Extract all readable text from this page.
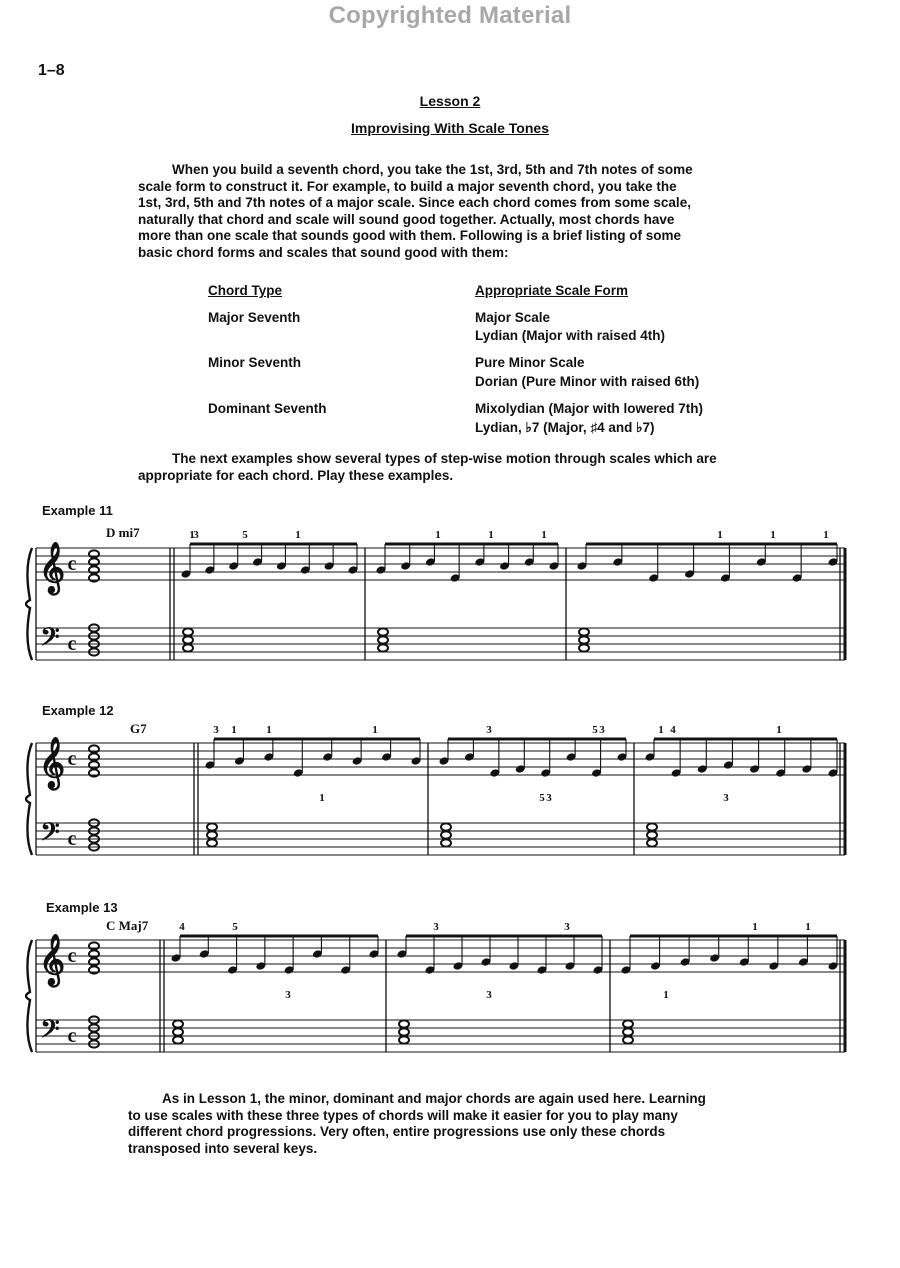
Copyrighted Material
1–8
Lesson 2
Improvising With Scale Tones
When you build a seventh chord, you take the 1st, 3rd, 5th and 7th notes of some
scale form to construct it. For example, to build a major seventh chord, you take the
1st, 3rd, 5th and 7th notes of a major scale. Since each chord comes from some scale,
naturally that chord and scale will sound good together. Actually, most chords have
more than one scale that sounds good with them. Following is a brief listing of some
basic chord forms and scales that sound good with them:
Chord Type	Appropriate Scale Form
Major Seventh	Major Scale
Lydian (Major with raised 4th)
Minor Seventh	Pure Minor Scale
Dorian (Pure Minor with raised 6th)
Dominant Seventh	Mixolydian (Major with lowered 7th)
Lydian, ♭7 (Major, ♯4 and ♭7)
The next examples show several types of step-wise motion through scales which are
appropriate for each chord. Play these examples.
Example 11
D mi7
Example 12
G7
Example 13
C Maj7
𝄞
𝄢
c
c
1	5	1
3	1	1	1	1	1	1
𝄞
𝄢
c
c
3	1
1
1
1
3
3
3
5
5	4
3
1
1
𝄞
𝄢
c
c
4	5
3
3
3
3
1	1
1
As in Lesson 1, the minor, dominant and major chords are again used here. Learning
to use scales with these three types of chords will make it easier for you to play many
different chord progressions. Very often, entire progressions use only these chords
transposed into several keys.
